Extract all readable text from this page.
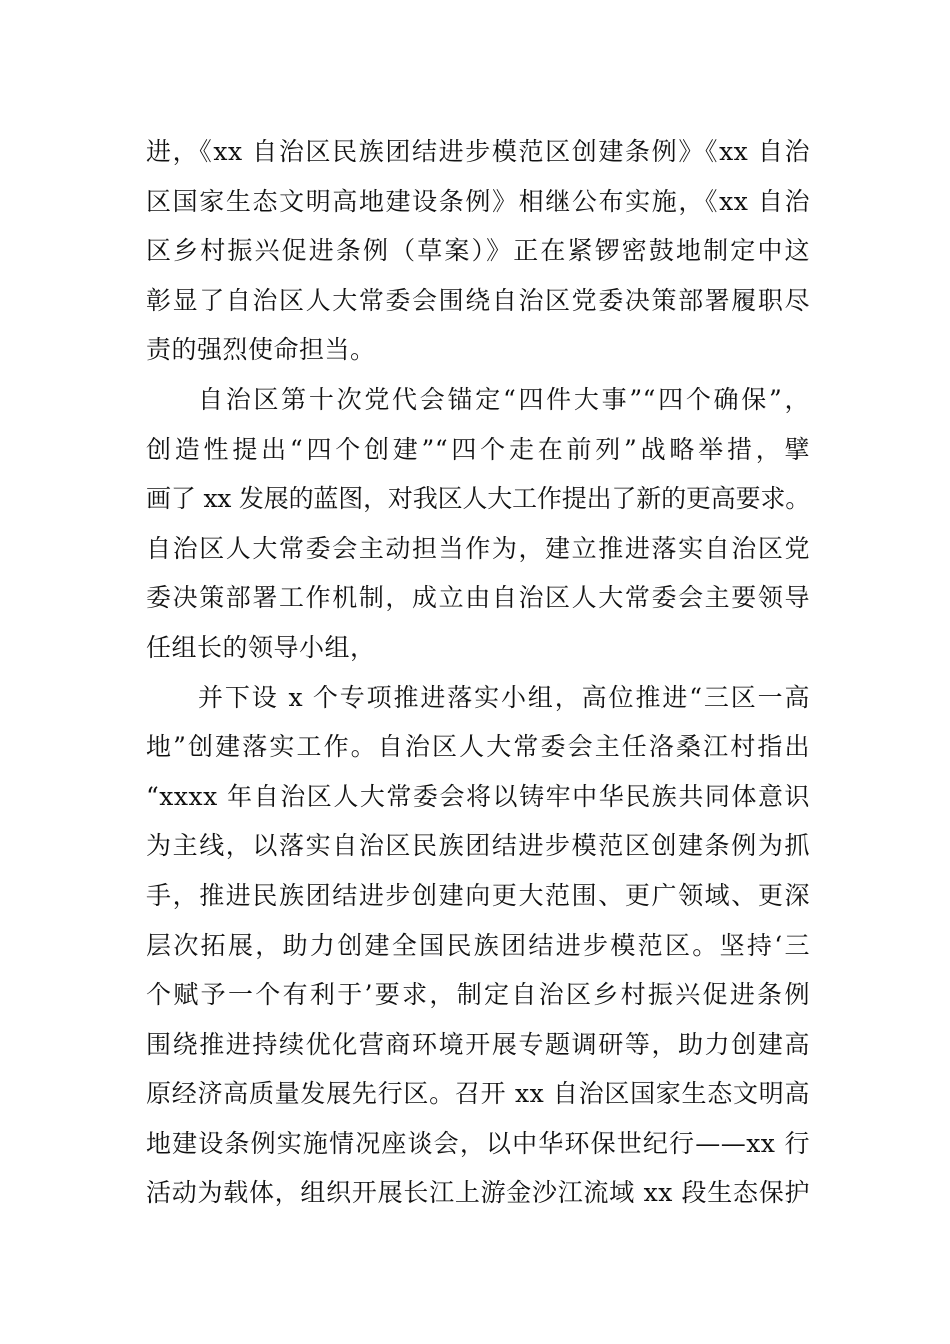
进，《xx 自治区民族团结进步模范区创建条例》《xx 自治
区国家生态文明高地建设条例》相继公布实施，《xx 自治
区乡村振兴促进条例（草案）》正在紧锣密鼓地制定中这
彰显了自治区人大常委会围绕自治区党委决策部署履职尽
责的强烈使命担当。
自治区第十次党代会锚定“四件大事”“四个确保”，
创造性提出“四个创建”“四个走在前列”战略举措，擘
画了 xx 发展的蓝图，对我区人大工作提出了新的更高要求。
自治区人大常委会主动担当作为，建立推进落实自治区党
委决策部署工作机制，成立由自治区人大常委会主要领导
任组长的领导小组，
并下设 x 个专项推进落实小组，高位推进“三区一高
地”创建落实工作。自治区人大常委会主任洛桑江村指出
“xxxx 年自治区人大常委会将以铸牢中华民族共同体意识
为主线，以落实自治区民族团结进步模范区创建条例为抓
手，推进民族团结进步创建向更大范围、更广领域、更深
层次拓展，助力创建全国民族团结进步模范区。坚持‘三
个赋予一个有利于’要求，制定自治区乡村振兴促进条例
围绕推进持续优化营商环境开展专题调研等，助力创建高
原经济高质量发展先行区。召开 xx 自治区国家生态文明高
地建设条例实施情况座谈会，以中华环保世纪行——xx 行
活动为载体，组织开展长江上游金沙江流域 xx 段生态保护
